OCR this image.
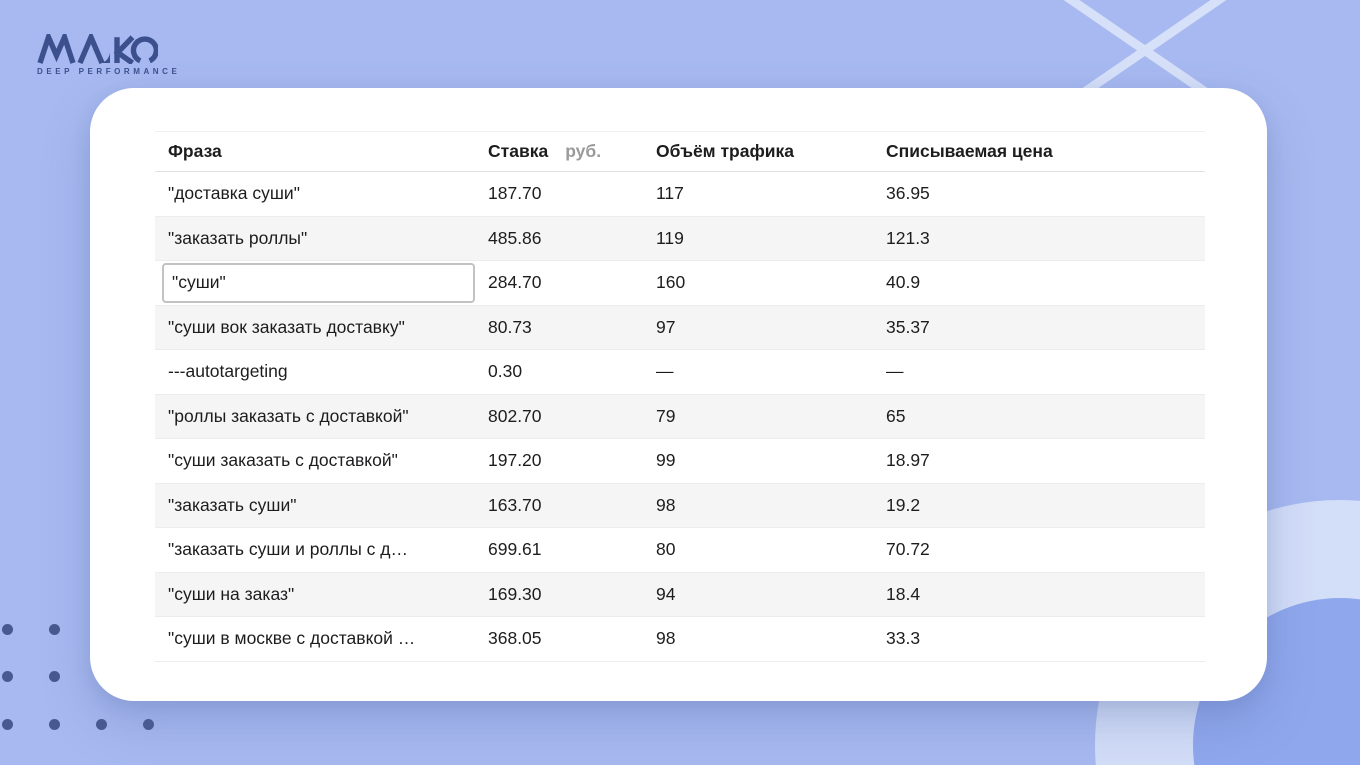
DEEP PERFORMANCE
Фраза	Ставка руб.	Объём трафика	Списываемая цена
"доставка суши"	187.70	117	36.95
"заказать роллы"	485.86	119	121.3
"суши"	284.70	160	40.9
"суши вок заказать доставку"	80.73	97	35.37
---autotargeting	0.30	—	—
"роллы заказать с доставкой"	802.70	79	65
"суши заказать с доставкой"	197.20	99	18.97
"заказать суши"	163.70	98	19.2
"заказать суши и роллы с д…	699.61	80	70.72
"суши на заказ"	169.30	94	18.4
"суши в москве с доставкой …	368.05	98	33.3
